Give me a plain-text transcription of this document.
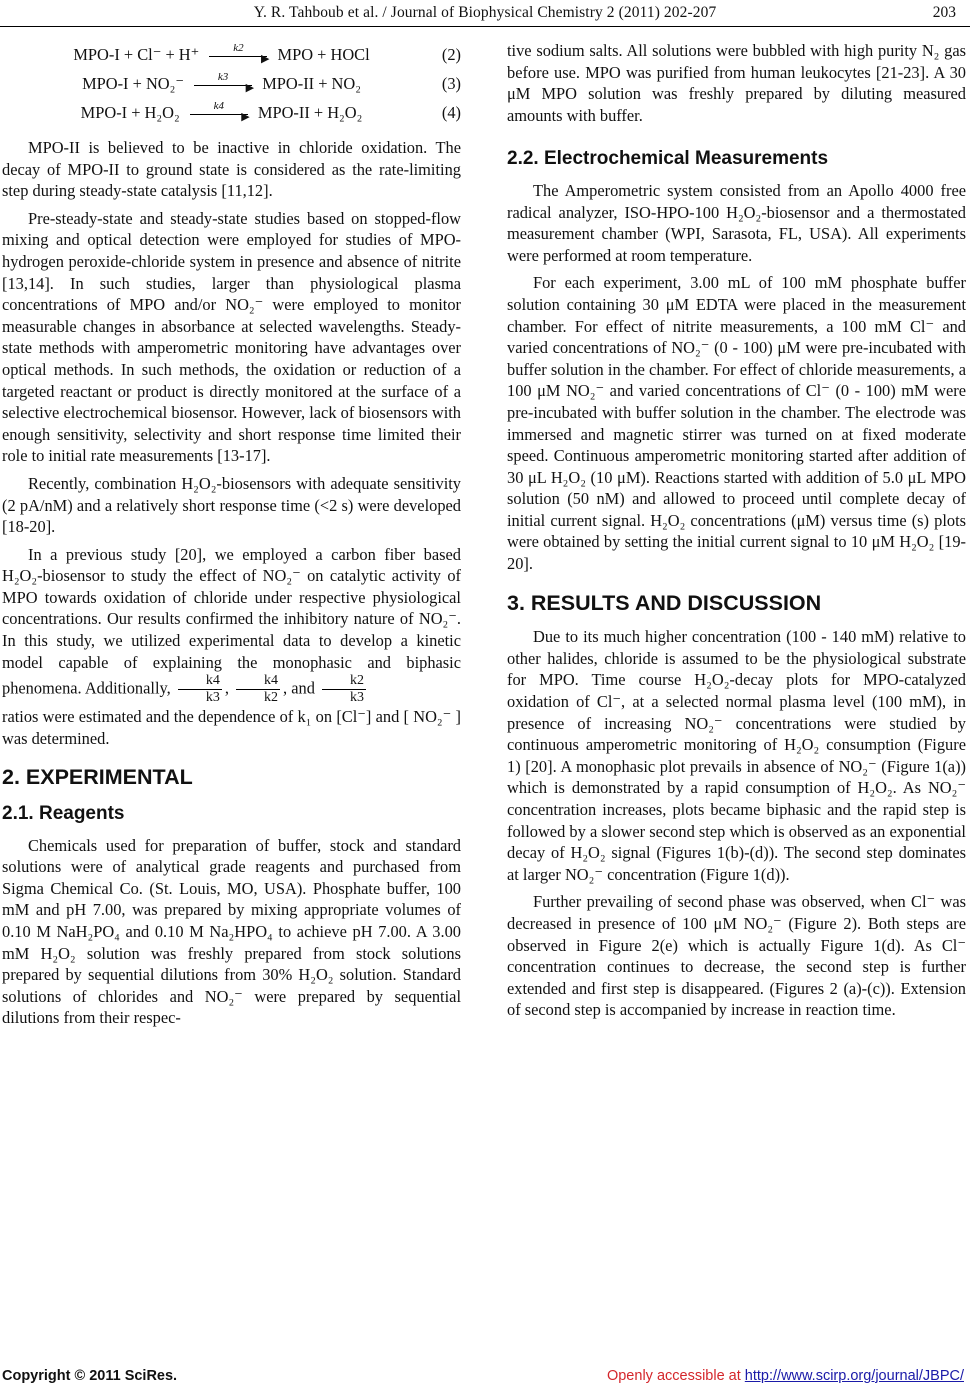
Y. R. Tahboub et al. / Journal of Biophysical Chemistry 2 (2011) 202-207	203
MPO-I + Cl⁻ + H⁺	k2
▶ MPO + HOCl	(2)
MPO-I + NO₂⁻	k3
▶ MPO-II + NO₂	(3)
MPO-I + H₂O₂	k4
▶ MPO-II + H₂O₂	(4)

MPO-II is believed to be inactive in chloride oxidation. The decay of MPO-II to ground state is considered as the rate-limiting step during steady-state catalysis [11,12].

Pre-steady-state and steady-state studies based on stopped-flow mixing and optical detection were employed for studies of MPO-hydrogen peroxide-chloride system in presence and absence of nitrite [13,14]. In such studies, larger than physiological plasma concentrations of MPO and/or NO₂⁻ were employed to monitor measurable changes in absorbance at selected wavelengths. Steady-state methods with amperometric monitoring have advantages over optical methods. In such methods, the oxidation or reduction of a targeted reactant or product is directly monitored at the surface of a selective electrochemical biosensor. However, lack of biosensors with enough sensitivity, selectivity and short response time limited their role to initial rate measurements [13-17].

Recently, combination H₂O₂-biosensors with adequate sensitivity (2 pA/nM) and a relatively short response time (<2 s) were developed [18-20].

In a previous study [20], we employed a carbon fiber based H₂O₂-biosensor to study the effect of NO₂⁻ on catalytic activity of MPO towards oxidation of chloride under respective physiological concentrations. Our results confirmed the inhibitory nature of NO₂⁻. In this study, we utilized experimental data to develop a kinetic model capable of explaining the monophasic and biphasic phenomena. Additionally, $\frac{k4}{k3}$ , $\frac{k4}{k2}$ , and $\frac{k2}{k3}$

ratios were estimated and the dependence of k₁ on [Cl⁻] and [ NO₂⁻ ] was determined.

2. EXPERIMENTAL
2.1. Reagents

Chemicals used for preparation of buffer, stock and standard solutions were of analytical grade reagents and purchased from Sigma Chemical Co. (St. Louis, MO, USA). Phosphate buffer, 100 mM and pH 7.00, was prepared by mixing appropriate volumes of 0.10 M NaH₂PO₄ and 0.10 M Na₂HPO₄ to achieve pH 7.00. A 3.00 mM H₂O₂ solution was freshly prepared from stock solutions prepared by sequential dilutions from 30% H₂O₂ solution. Standard solutions of chlorides and NO₂⁻ were prepared by sequential dilutions from their respec-

tive sodium salts. All solutions were bubbled with high purity N₂ gas before use. MPO was purified from human leukocytes [21-23]. A 30 μM MPO solution was freshly prepared by diluting measured amounts with buffer.

2.2. Electrochemical Measurements

The Amperometric system consisted from an Apollo 4000 free radical analyzer, ISO-HPO-100 H₂O₂-biosensor and a thermostated measurement chamber (WPI, Sarasota, FL, USA). All experiments were performed at room temperature.

For each experiment, 3.00 mL of 100 mM phosphate buffer solution containing 30 μM EDTA were placed in the measurement chamber. For effect of nitrite measurements, a 100 mM Cl⁻ and varied concentrations of NO₂⁻ (0 - 100) μM were pre-incubated with buffer solution in the chamber. For effect of chloride measurements, a 100 μM NO₂⁻ and varied concentrations of Cl⁻ (0 - 100) mM were pre-incubated with buffer solution in the chamber. The electrode was immersed and magnetic stirrer was turned on at fixed moderate speed. Continuous amperometric monitoring started after addition of 30 μL H₂O₂ (10 μM). Reactions started with addition of 5.0 μL MPO solution (50 nM) and allowed to proceed until complete decay of initial current signal. H₂O₂ concentrations (μM) versus time (s) plots were obtained by setting the initial current signal to 10 μM H₂O₂ [19-20].

3. RESULTS AND DISCUSSION

Due to its much higher concentration (100 - 140 mM) relative to other halides, chloride is assumed to be the physiological substrate for MPO. Time course H₂O₂-decay plots for MPO-catalyzed oxidation of Cl⁻, at a selected normal plasma level (100 mM), in presence of increasing NO₂⁻ concentrations were studied by continuous amperometric monitoring of H₂O₂ consumption (Figure 1) [20]. A monophasic plot prevails in absence of NO₂⁻ (Figure 1(a)) which is demonstrated by a rapid consumption of H₂O₂. As NO₂⁻ concentration increases, plots became biphasic and the rapid step is followed by a slower second step which is observed as an exponential decay of H₂O₂ signal (Figures 1(b)-(d)). The second step dominates at larger NO₂⁻ concentration (Figure 1(d)).

Further prevailing of second phase was observed, when Cl⁻ was decreased in presence of 100 μM NO₂⁻ (Figure 2). Both steps are observed in Figure 2(e) which is actually Figure 1(d). As Cl⁻ concentration continues to decrease, the second step is further extended and first step is disappeared. (Figures 2 (a)-(c)). Extension of second step is accompanied by increase in reaction time.

Copyright © 2011 SciRes.	Openly accessible at http://www.scirp.org/journal/JBPC/
